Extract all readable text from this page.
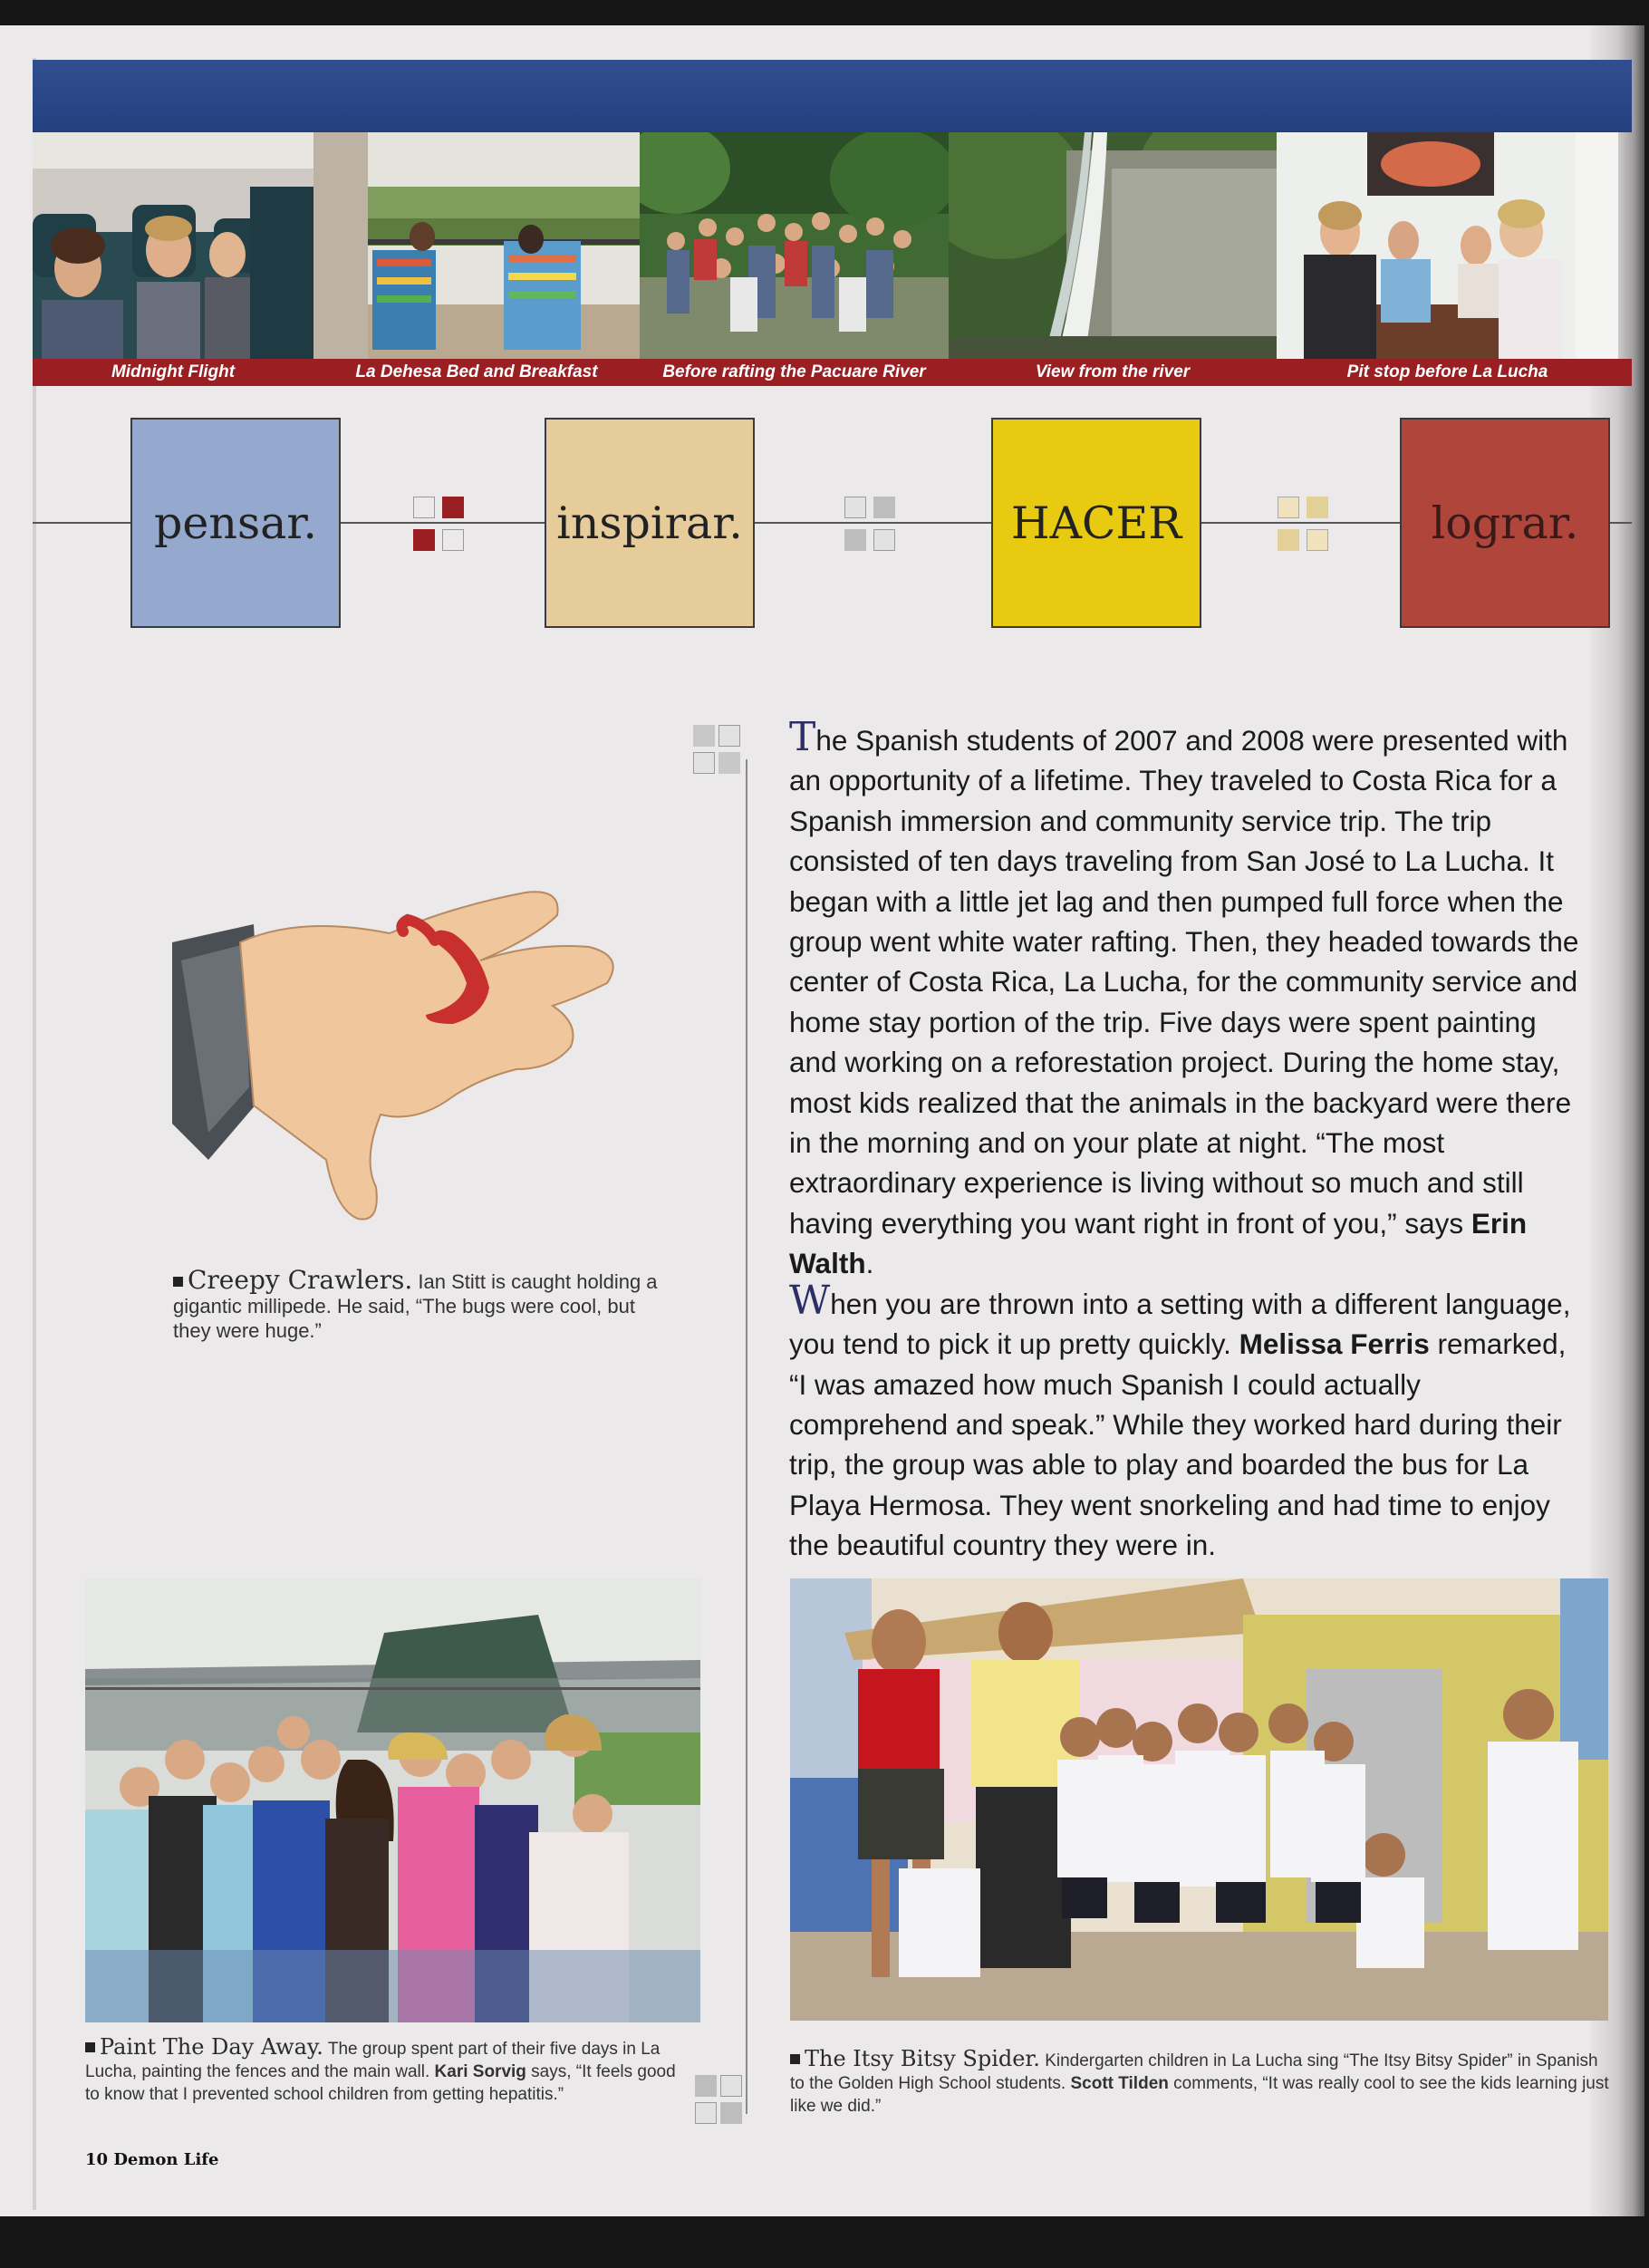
Midnight Flight	La Dehesa Bed and Breakfast	Before rafting the Pacuare River	View from the river	Pit stop before La Lucha
pensar.	inspirar.	HACER	lograr.

The Spanish students of 2007 and 2008 were presented with an opportunity of a lifetime. They traveled to Costa Rica for a Spanish immersion and community service trip. The trip consisted of ten days traveling from San José to La Lucha. It began with a little jet lag and then pumped full force when the group went white water rafting. Then, they headed towards the center of Costa Rica, La Lucha, for the community service and home stay portion of the trip. Five days were spent painting and working on a reforestation project. During the home stay, most kids realized that the animals in the backyard were there in the morning and on your plate at night. “The most extraordinary experience is living without so much and still having everything you want right in front of you,” says Erin Walth.

When you are thrown into a setting with a different language, you tend to pick it up pretty quickly. Melissa Ferris remarked, “I was amazed how much Spanish I could actually comprehend and speak.” While they worked hard during their trip, the group was able to play and boarded the bus for La Playa Hermosa. They went snorkeling and had time to enjoy the beautiful country they were in.

Creepy Crawlers. Ian Stitt is caught holding a gigantic millipede. He said, “The bugs were cool, but they were huge.”
Paint The Day Away. The group spent part of their five days in La Lucha, painting the fences and the main wall. Kari Sorvig says, “It feels good to know that I prevented school children from getting hepatitis.”
The Itsy Bitsy Spider. Kindergarten children in La Lucha sing “The Itsy Bitsy Spider” in Spanish to the Golden High School students. Scott Tilden comments, “It was really cool to see the kids learning just like we did.”
10 Demon Life
